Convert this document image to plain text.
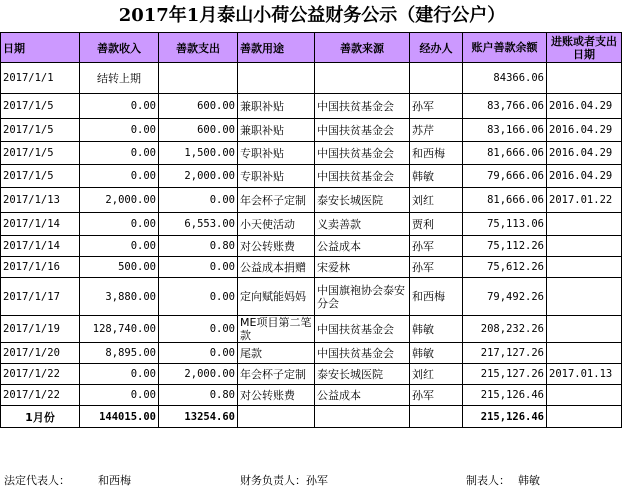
2017年1月泰山小荷公益财务公示（建行公户）
日期	善款收入	善款支出	善款用途	善款来源	经办人	账户善款余额	进账或者支出日期
2017/1/1	结转上期					84366.06	
2017/1/5	0.00	600.00	兼职补贴	中国扶贫基金会	孙军	83,766.06	2016.04.29
2017/1/5	0.00	600.00	兼职补贴	中国扶贫基金会	苏芹	83,166.06	2016.04.29
2017/1/5	0.00	1,500.00	专职补贴	中国扶贫基金会	和西梅	81,666.06	2016.04.29
2017/1/5	0.00	2,000.00	专职补贴	中国扶贫基金会	韩敏	79,666.06	2016.04.29
2017/1/13	2,000.00	0.00	年会杯子定制	泰安长城医院	刘红	81,666.06	2017.01.22
2017/1/14	0.00	6,553.00	小天使活动	义卖善款	贾利	75,113.06	
2017/1/14	0.00	0.80	对公转账费	公益成本	孙军	75,112.26	
2017/1/16	500.00	0.00	公益成本捐赠	宋爱林	孙军	75,612.26	
2017/1/17	3,880.00	0.00	定向赋能妈妈	中国旗袍协会泰安分会	和西梅	79,492.26	
2017/1/19	128,740.00	0.00	ME项目第二笔款	中国扶贫基金会	韩敏	208,232.26	
2017/1/20	8,895.00	0.00	尾款	中国扶贫基金会	韩敏	217,127.26	
2017/1/22	0.00	2,000.00	年会杯子定制	泰安长城医院	刘红	215,127.26	2017.01.13
2017/1/22	0.00	0.80	对公转账费	公益成本	孙军	215,126.46	
1月份	144015.00	13254.60				215,126.46	
法定代表人：	和西梅	财务负责人： 孙军	制表人： 韩敏
